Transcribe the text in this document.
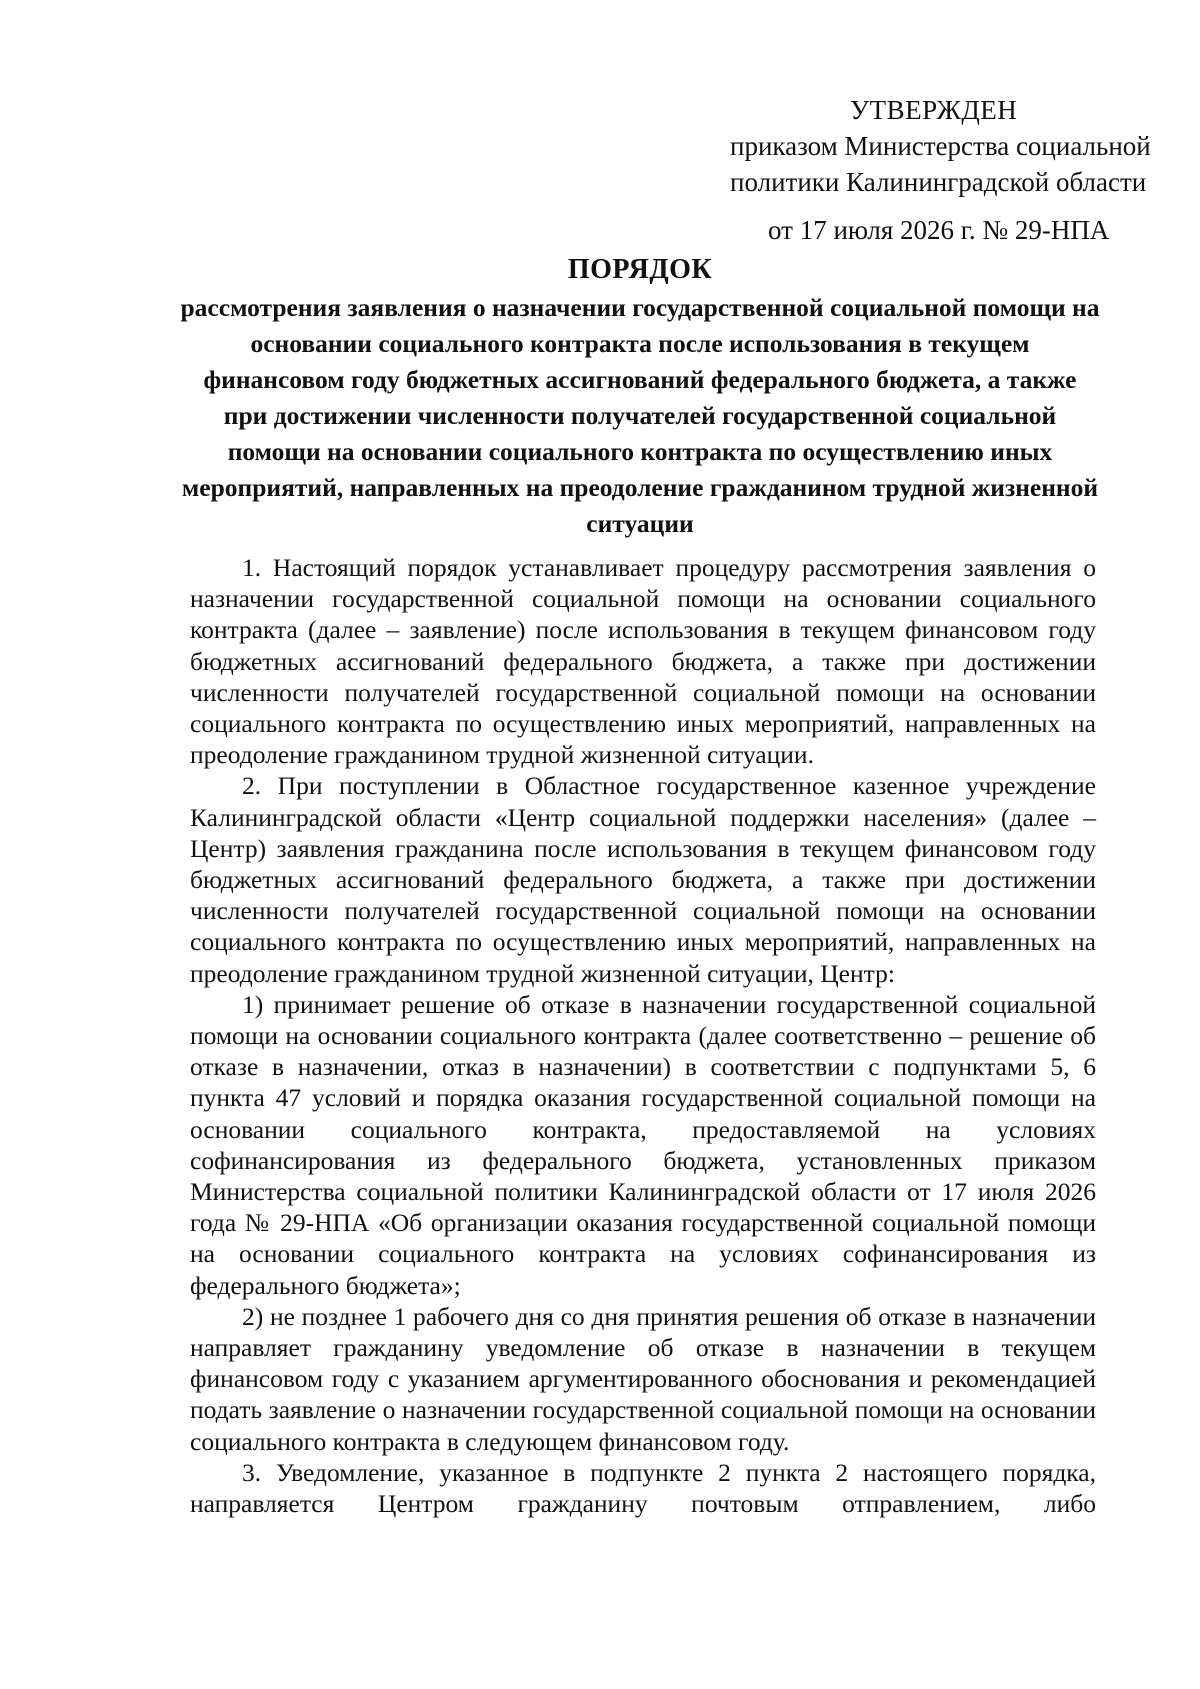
УТВЕРЖДЕН
приказом Министерства социальной
политики Калининградской области
от 17 июля 2026 г. № 29-НПА
ПОРЯДОК
рассмотрения заявления о назначении государственной социальной помощи на основании социального контракта после использования в текущем финансовом году бюджетных ассигнований федерального бюджета, а также при достижении численности получателей государственной социальной помощи на основании социального контракта по осуществлению иных мероприятий, направленных на преодоление гражданином трудной жизненной ситуации

1. Настоящий порядок устанавливает процедуру рассмотрения заявления о назначении государственной социальной помощи на основании социального контракта (далее – заявление) после использования в текущем финансовом году бюджетных ассигнований федерального бюджета, а также при достижении численности получателей государственной социальной помощи на основании социального контракта по осуществлению иных мероприятий, направленных на преодоление гражданином трудной жизненной ситуации.

2. При поступлении в Областное государственное казенное учреждение Калининградской области «Центр социальной поддержки населения» (далее – Центр) заявления гражданина после использования в текущем финансовом году бюджетных ассигнований федерального бюджета, а также при достижении численности получателей государственной социальной помощи на основании социального контракта по осуществлению иных мероприятий, направленных на преодоление гражданином трудной жизненной ситуации, Центр:

1) принимает решение об отказе в назначении государственной социальной помощи на основании социального контракта (далее соответственно – решение об отказе в назначении, отказ в назначении) в соответствии с подпунктами 5, 6 пункта 47 условий и порядка оказания государственной социальной помощи на основании социального контракта, предоставляемой на условиях софинансирования из федерального бюджета, установленных приказом Министерства социальной политики Калининградской области от 17 июля 2026 года № 29-НПА «Об организации оказания государственной социальной помощи на основании социального контракта на условиях софинансирования из федерального бюджета»;

2) не позднее 1 рабочего дня со дня принятия решения об отказе в назначении направляет гражданину уведомление об отказе в назначении в текущем финансовом году с указанием аргументированного обоснования и рекомендацией подать заявление о назначении государственной социальной помощи на основании социального контракта в следующем финансовом году.

3. Уведомление, указанное в подпункте 2 пункта 2 настоящего порядка, направляется Центром гражданину почтовым отправлением, либо
